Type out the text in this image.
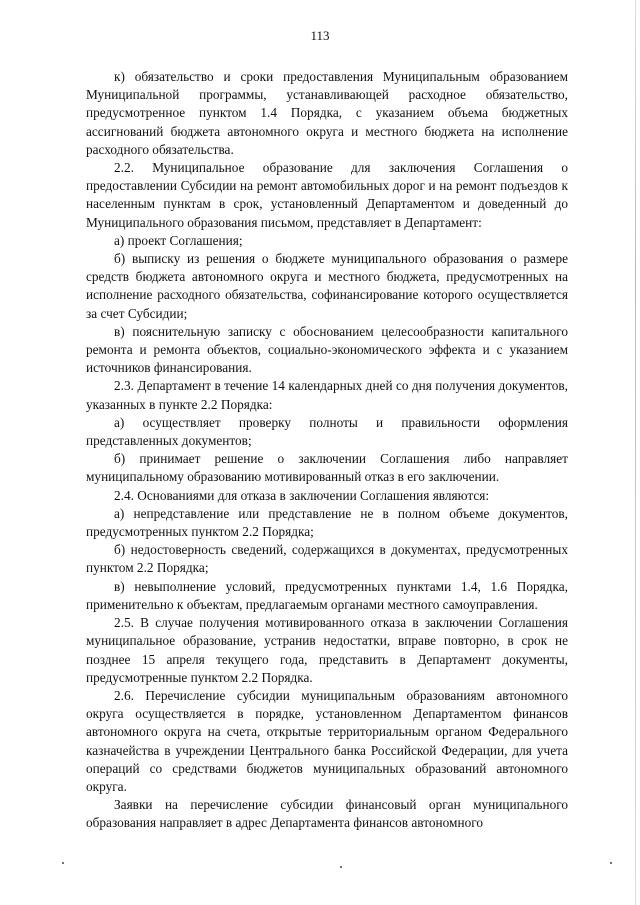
113

к) обязательство и сроки предоставления Муниципальным образованием Муниципальной программы, устанавливающей расходное обязательство, предусмотренное пунктом 1.4 Порядка, с указанием объема бюджетных ассигнований бюджета автономного округа и местного бюджета на исполнение расходного обязательства.

2.2. Муниципальное образование для заключения Соглашения о предоставлении Субсидии на ремонт автомобильных дорог и на ремонт подъездов к населенным пунктам в срок, установленный Департаментом и доведенный до Муниципального образования письмом, представляет в Департамент:

а) проект Соглашения;

б) выписку из решения о бюджете муниципального образования о размере средств бюджета автономного округа и местного бюджета, предусмотренных на исполнение расходного обязательства, софинансирование которого осуществляется за счет Субсидии;

в) пояснительную записку с обоснованием целесообразности капитального ремонта и ремонта объектов, социально-экономического эффекта и с указанием источников финансирования.

2.3. Департамент в течение 14 календарных дней со дня получения документов, указанных в пункте 2.2 Порядка:

а) осуществляет проверку полноты и правильности оформления представленных документов;

б) принимает решение о заключении Соглашения либо направляет муниципальному образованию мотивированный отказ в его заключении.

2.4. Основаниями для отказа в заключении Соглашения являются:

а) непредставление или представление не в полном объеме документов, предусмотренных пунктом 2.2 Порядка;

б) недостоверность сведений, содержащихся в документах, предусмотренных пунктом 2.2 Порядка;

в) невыполнение условий, предусмотренных пунктами 1.4, 1.6 Порядка, применительно к объектам, предлагаемым органами местного самоуправления.

2.5. В случае получения мотивированного отказа в заключении Соглашения муниципальное образование, устранив недостатки, вправе повторно, в срок не позднее 15 апреля текущего года, представить в Департамент документы, предусмотренные пунктом 2.2 Порядка.

2.6. Перечисление субсидии муниципальным образованиям автономного округа осуществляется в порядке, установленном Департаментом финансов автономного округа на счета, открытые территориальным органом Федерального казначейства в учреждении Центрального банка Российской Федерации, для учета операций со средствами бюджетов муниципальных образований автономного округа.

Заявки на перечисление субсидии финансовый орган муниципального образования направляет в адрес Департамента финансов автономного
